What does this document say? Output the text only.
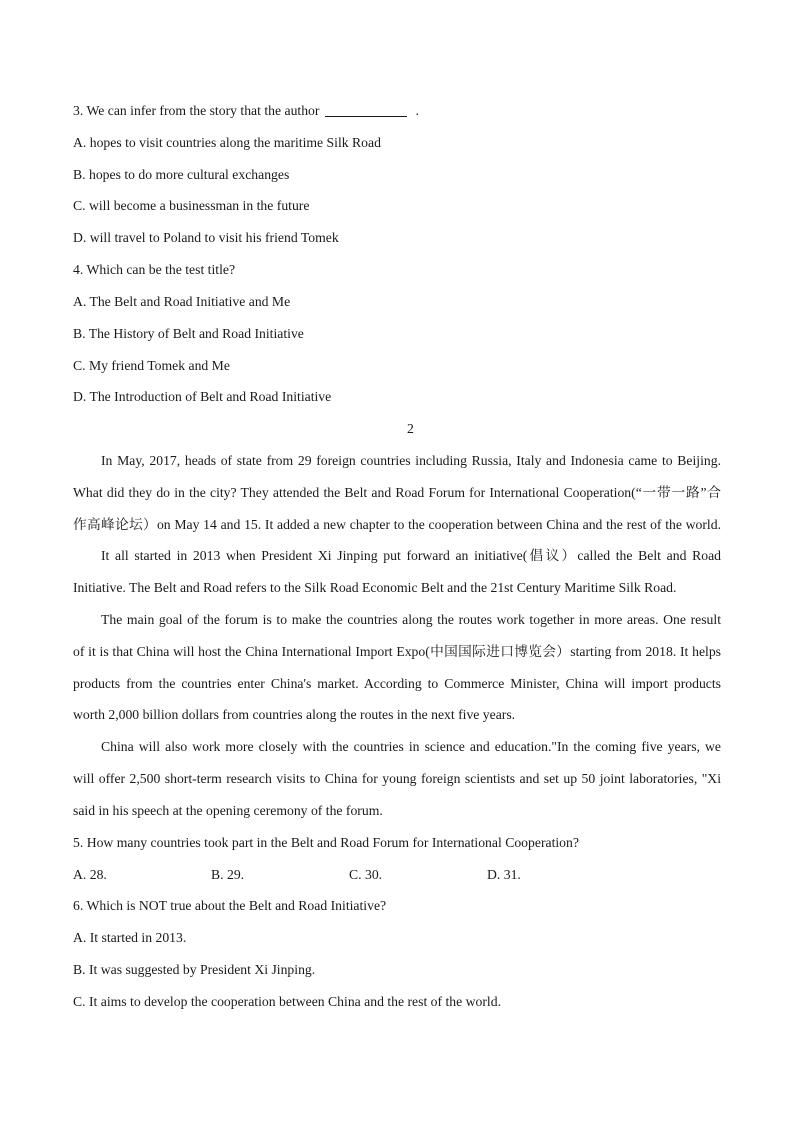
3. We can infer from the story that the author	.
A. hopes to visit countries along the maritime Silk Road
B. hopes to do more cultural exchanges
C. will become a businessman in the future
D. will travel to Poland to visit his friend Tomek
4. Which can be the test title?
A. The Belt and Road Initiative and Me
B. The History of Belt and Road Initiative
C. My friend Tomek and Me
D. The Introduction of Belt and Road Initiative
2
In May, 2017, heads of state from 29 foreign countries including Russia, Italy and Indonesia came to Beijing.
What did they do in the city? They attended the Belt and Road Forum for International Cooperation(“一带一路”合
作高峰论坛）on May 14 and 15. It added a new chapter to the cooperation between China and the rest of the world.
It all started in 2013 when President Xi Jinping put forward an initiative(倡议）called the Belt and Road
Initiative. The Belt and Road refers to the Silk Road Economic Belt and the 21st Century Maritime Silk Road.
The main goal of the forum is to make the countries along the routes work together in more areas. One result
of it is that China will host the China International Import Expo(中国国际进口博览会）starting from 2018. It helps
products from the countries enter China's market. According to Commerce Minister, China will import products
worth 2,000 billion dollars from countries along the routes in the next five years.
China will also work more closely with the countries in science and education."In the coming five years, we
will offer 2,500 short-term research visits to China for young foreign scientists and set up 50 joint laboratories, "Xi
said in his speech at the opening ceremony of the forum.
5. How many countries took part in the Belt and Road Forum for International Cooperation?
A. 28.	B. 29.	C. 30.	D. 31.
6. Which is NOT true about the Belt and Road Initiative?
A. It started in 2013.
B. It was suggested by President Xi Jinping.
C. It aims to develop the cooperation between China and the rest of the world.
